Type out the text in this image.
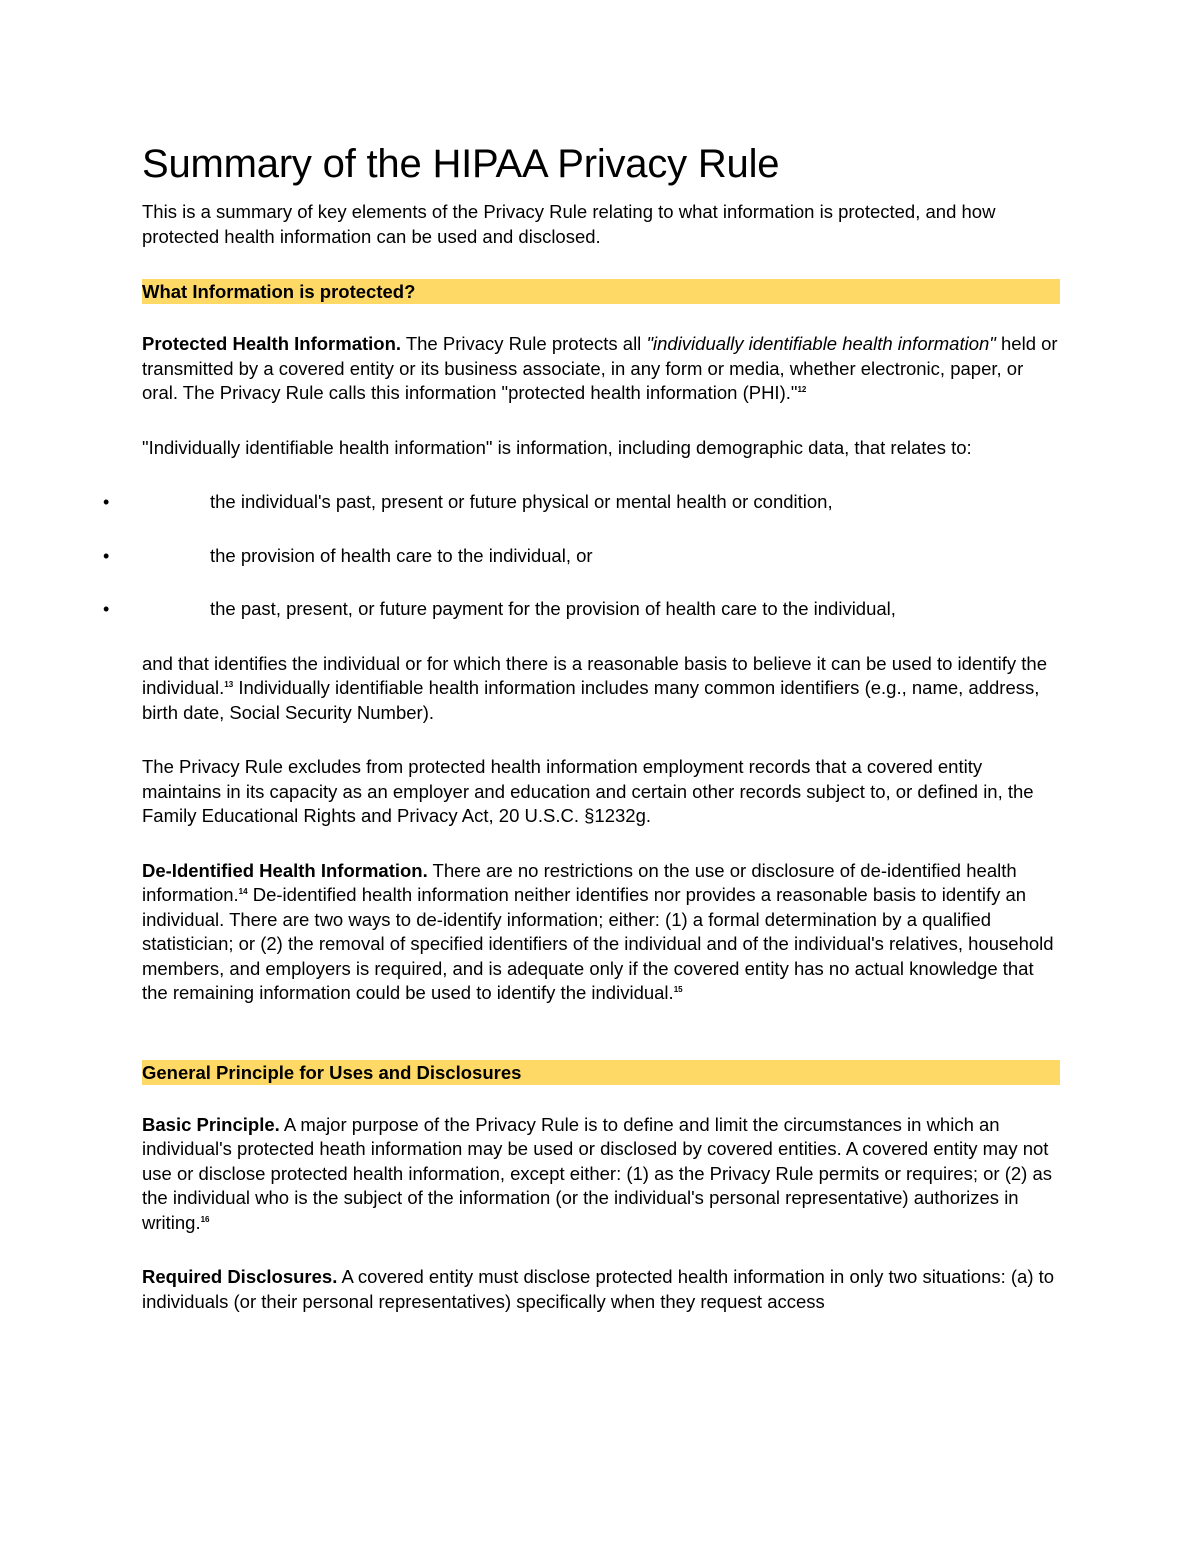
Summary of the HIPAA Privacy Rule

This is a summary of key elements of the Privacy Rule relating to what information is protected, and how protected health information can be used and disclosed.

What Information is protected?

Protected Health Information. The Privacy Rule protects all "individually identifiable health information" held or transmitted by a covered entity or its business associate, in any form or media, whether electronic, paper, or oral. The Privacy Rule calls this information "protected health information (PHI)."$^{12}$

"Individually identifiable health information" is information, including demographic data, that relates to:

•	the individual's past, present or future physical or mental health or condition,
•	the provision of health care to the individual, or
•	the past, present, or future payment for the provision of health care to the individual,

and that identifies the individual or for which there is a reasonable basis to believe it can be used to identify the individual.$^{13}$ Individually identifiable health information includes many common identifiers (e.g., name, address, birth date, Social Security Number).

The Privacy Rule excludes from protected health information employment records that a covered entity maintains in its capacity as an employer and education and certain other records subject to, or defined in, the Family Educational Rights and Privacy Act, 20 U.S.C. §1232g.

De-Identified Health Information. There are no restrictions on the use or disclosure of de-identified health information.$^{14}$ De-identified health information neither identifies nor provides a reasonable basis to identify an individual. There are two ways to de-identify information; either: (1) a formal determination by a qualified statistician; or (2) the removal of specified identifiers of the individual and of the individual's relatives, household members, and employers is required, and is adequate only if the covered entity has no actual knowledge that the remaining information could be used to identify the individual.$^{15}$

General Principle for Uses and Disclosures

Basic Principle. A major purpose of the Privacy Rule is to define and limit the circumstances in which an individual's protected heath information may be used or disclosed by covered entities. A covered entity may not use or disclose protected health information, except either: (1) as the Privacy Rule permits or requires; or (2) as the individual who is the subject of the information (or the individual's personal representative) authorizes in writing.$^{16}$

Required Disclosures. A covered entity must disclose protected health information in only two situations: (a) to individuals (or their personal representatives) specifically when they request access
